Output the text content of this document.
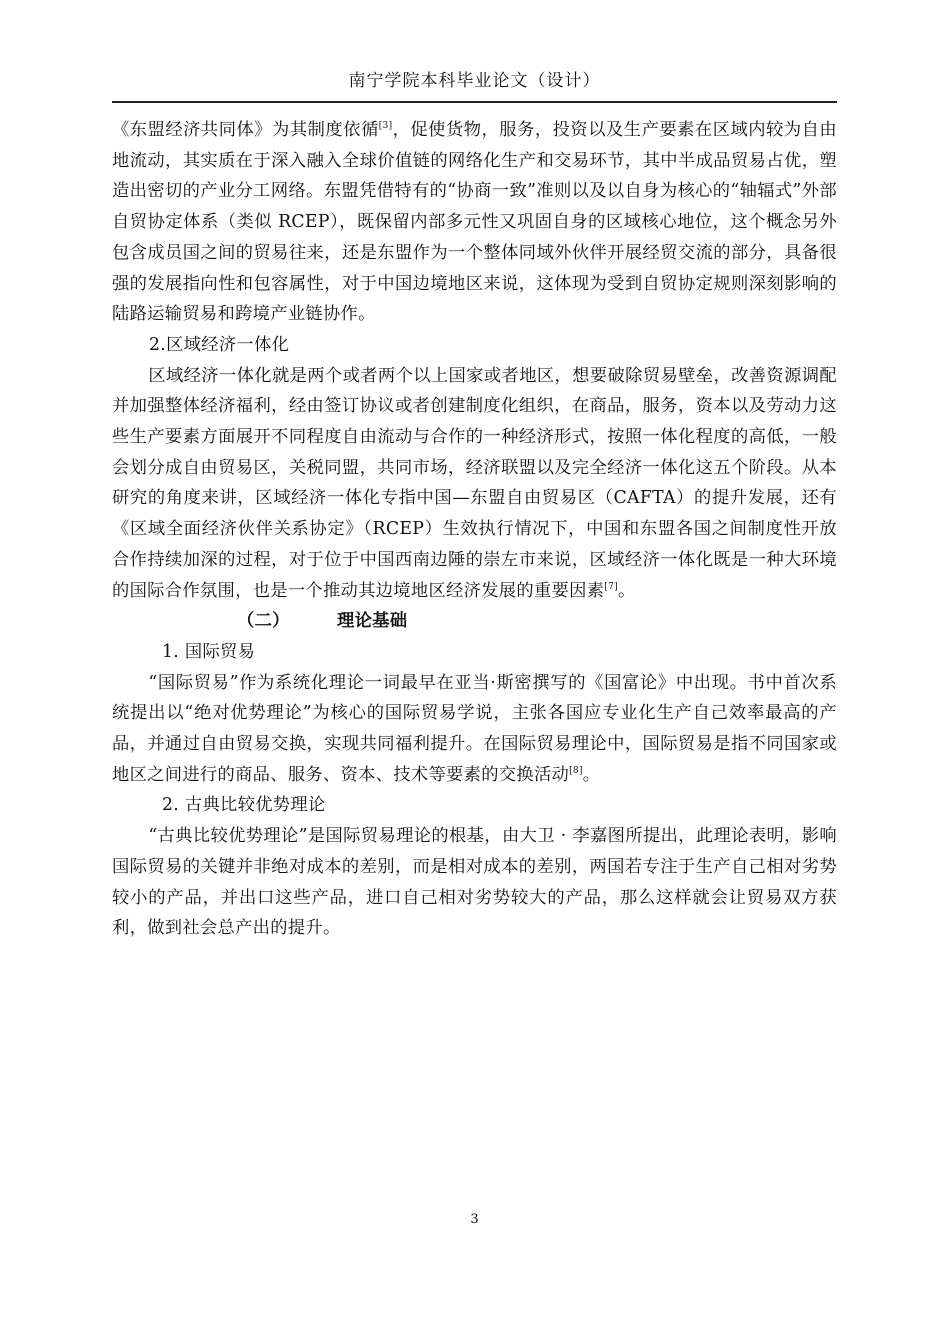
南宁学院本科毕业论文（设计）

《东盟经济共同体》为其制度依循[3]，促使货物，服务，投资以及生产要素在区域内较为自由地流动，其实质在于深入融入全球价值链的网络化生产和交易环节，其中半成品贸易占优，塑造出密切的产业分工网络。东盟凭借特有的“协商一致”准则以及以自身为核心的“轴辐式”外部自贸协定体系（类似 RCEP），既保留内部多元性又巩固自身的区域核心地位，这个概念另外包含成员国之间的贸易往来，还是东盟作为一个整体同域外伙伴开展经贸交流的部分，具备很强的发展指向性和包容属性，对于中国边境地区来说，这体现为受到自贸协定规则深刻影响的陆路运输贸易和跨境产业链协作。

2.区域经济一体化

区域经济一体化就是两个或者两个以上国家或者地区，想要破除贸易壁垒，改善资源调配并加强整体经济福利，经由签订协议或者创建制度化组织，在商品，服务，资本以及劳动力这些生产要素方面展开不同程度自由流动与合作的一种经济形式，按照一体化程度的高低，一般会划分成自由贸易区，关税同盟，共同市场，经济联盟以及完全经济一体化这五个阶段。从本研究的角度来讲，区域经济一体化专指中国—东盟自由贸易区（CAFTA）的提升发展，还有《区域全面经济伙伴关系协定》（RCEP）生效执行情况下，中国和东盟各国之间制度性开放合作持续加深的过程，对于位于中国西南边陲的崇左市来说，区域经济一体化既是一种大环境的国际合作氛围，也是一个推动其边境地区经济发展的重要因素[7]。

（二）	理论基础

1. 国际贸易

“国际贸易”作为系统化理论一词最早在亚当·斯密撰写的《国富论》中出现。书中首次系统提出以“绝对优势理论”为核心的国际贸易学说，主张各国应专业化生产自己效率最高的产品，并通过自由贸易交换，实现共同福利提升。在国际贸易理论中，国际贸易是指不同国家或地区之间进行的商品、服务、资本、技术等要素的交换活动[8]。

2. 古典比较优势理论

“古典比较优势理论”是国际贸易理论的根基，由大卫 · 李嘉图所提出，此理论表明，影响国际贸易的关键并非绝对成本的差别，而是相对成本的差别，两国若专注于生产自己相对劣势较小的产品，并出口这些产品，进口自己相对劣势较大的产品，那么这样就会让贸易双方获利，做到社会总产出的提升。

3
